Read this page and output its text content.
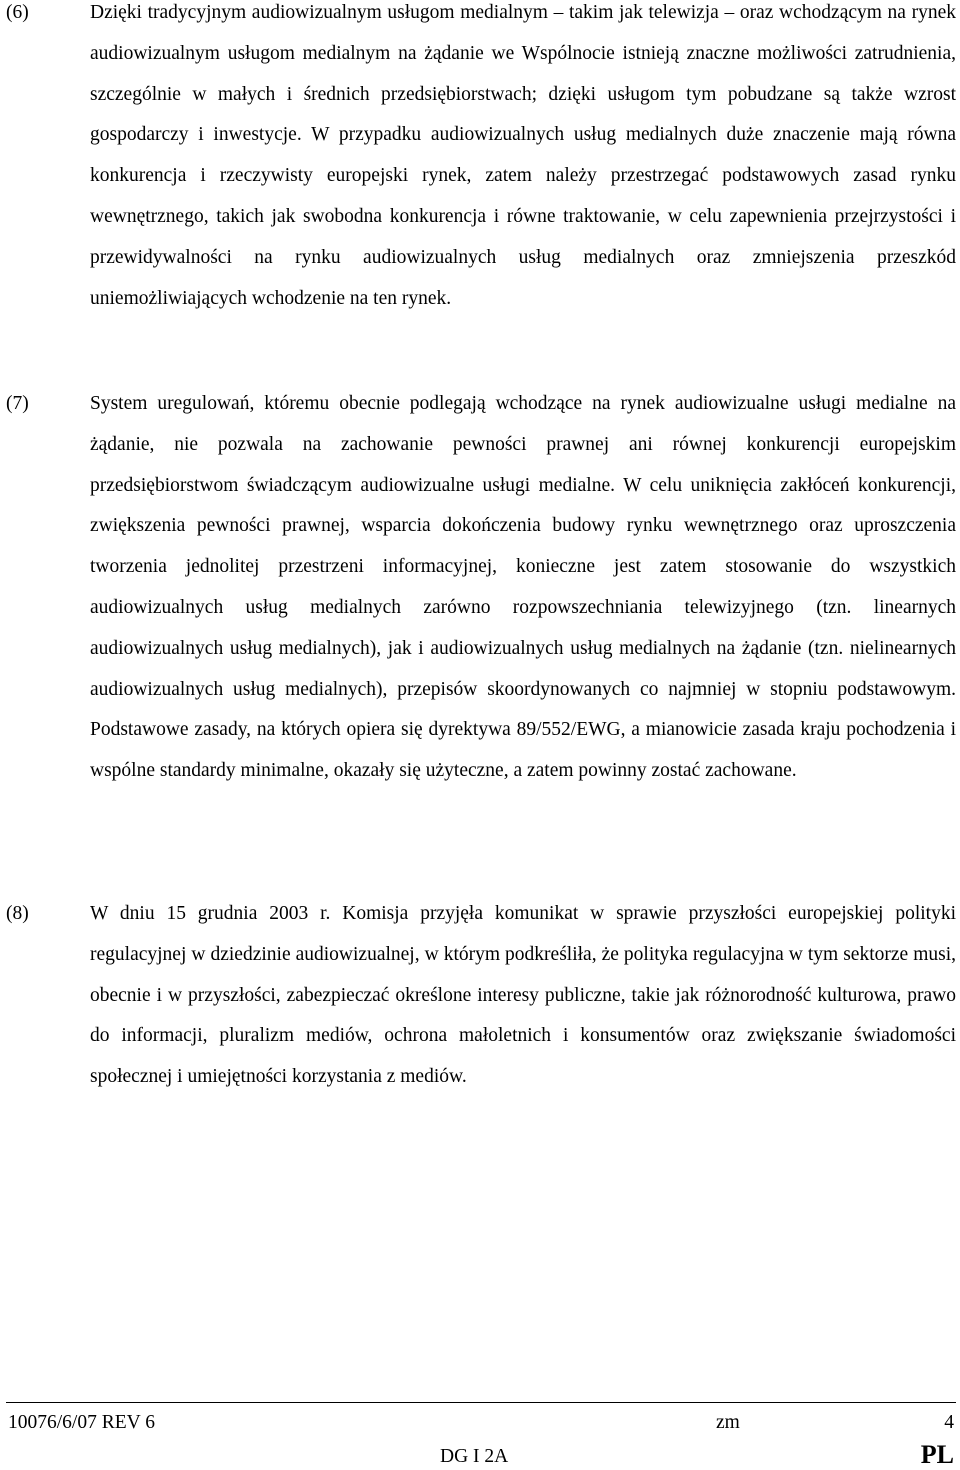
(6)	Dzięki tradycyjnym audiowizualnym usługom medialnym – takim jak telewizja – oraz wchodzącym na rynek audiowizualnym usługom medialnym na żądanie we Wspólnocie istnieją znaczne możliwości zatrudnienia, szczególnie w małych i średnich przedsiębiorstwach; dzięki usługom tym pobudzane są także wzrost gospodarczy i inwestycje. W przypadku audiowizualnych usług medialnych duże znaczenie mają równa konkurencja i rzeczywisty europejski rynek, zatem należy przestrzegać podstawowych zasad rynku wewnętrznego, takich jak swobodna konkurencja i równe traktowanie, w celu zapewnienia przejrzystości i przewidywalności na rynku audiowizualnych usług medialnych oraz zmniejszenia przeszkód uniemożliwiających wchodzenie na ten rynek.
(7)	System uregulowań, któremu obecnie podlegają wchodzące na rynek audiowizualne usługi medialne na żądanie, nie pozwala na zachowanie pewności prawnej ani równej konkurencji europejskim przedsiębiorstwom świadczącym audiowizualne usługi medialne. W celu uniknięcia zakłóceń konkurencji, zwiększenia pewności prawnej, wsparcia dokończenia budowy rynku wewnętrznego oraz uproszczenia tworzenia jednolitej przestrzeni informacyjnej, konieczne jest zatem stosowanie do wszystkich audiowizualnych usług medialnych zarówno rozpowszechniania telewizyjnego (tzn. linearnych audiowizualnych usług medialnych), jak i audiowizualnych usług medialnych na żądanie (tzn. nielinearnych audiowizualnych usług medialnych), przepisów skoordynowanych co najmniej w stopniu podstawowym. Podstawowe zasady, na których opiera się dyrektywa 89/552/EWG, a mianowicie zasada kraju pochodzenia i wspólne standardy minimalne, okazały się użyteczne, a zatem powinny zostać zachowane.
(8)	W dniu 15 grudnia 2003 r. Komisja przyjęła komunikat w sprawie przyszłości europejskiej polityki regulacyjnej w dziedzinie audiowizualnej, w którym podkreśliła, że polityka regulacyjna w tym sektorze musi, obecnie i w przyszłości, zabezpieczać określone interesy publiczne, takie jak różnorodność kulturowa, prawo do informacji, pluralizm mediów, ochrona małoletnich i konsumentów oraz zwiększanie świadomości społecznej i umiejętności korzystania z mediów.
10076/6/07 REV 6	zm	4
DG I 2A	PL
